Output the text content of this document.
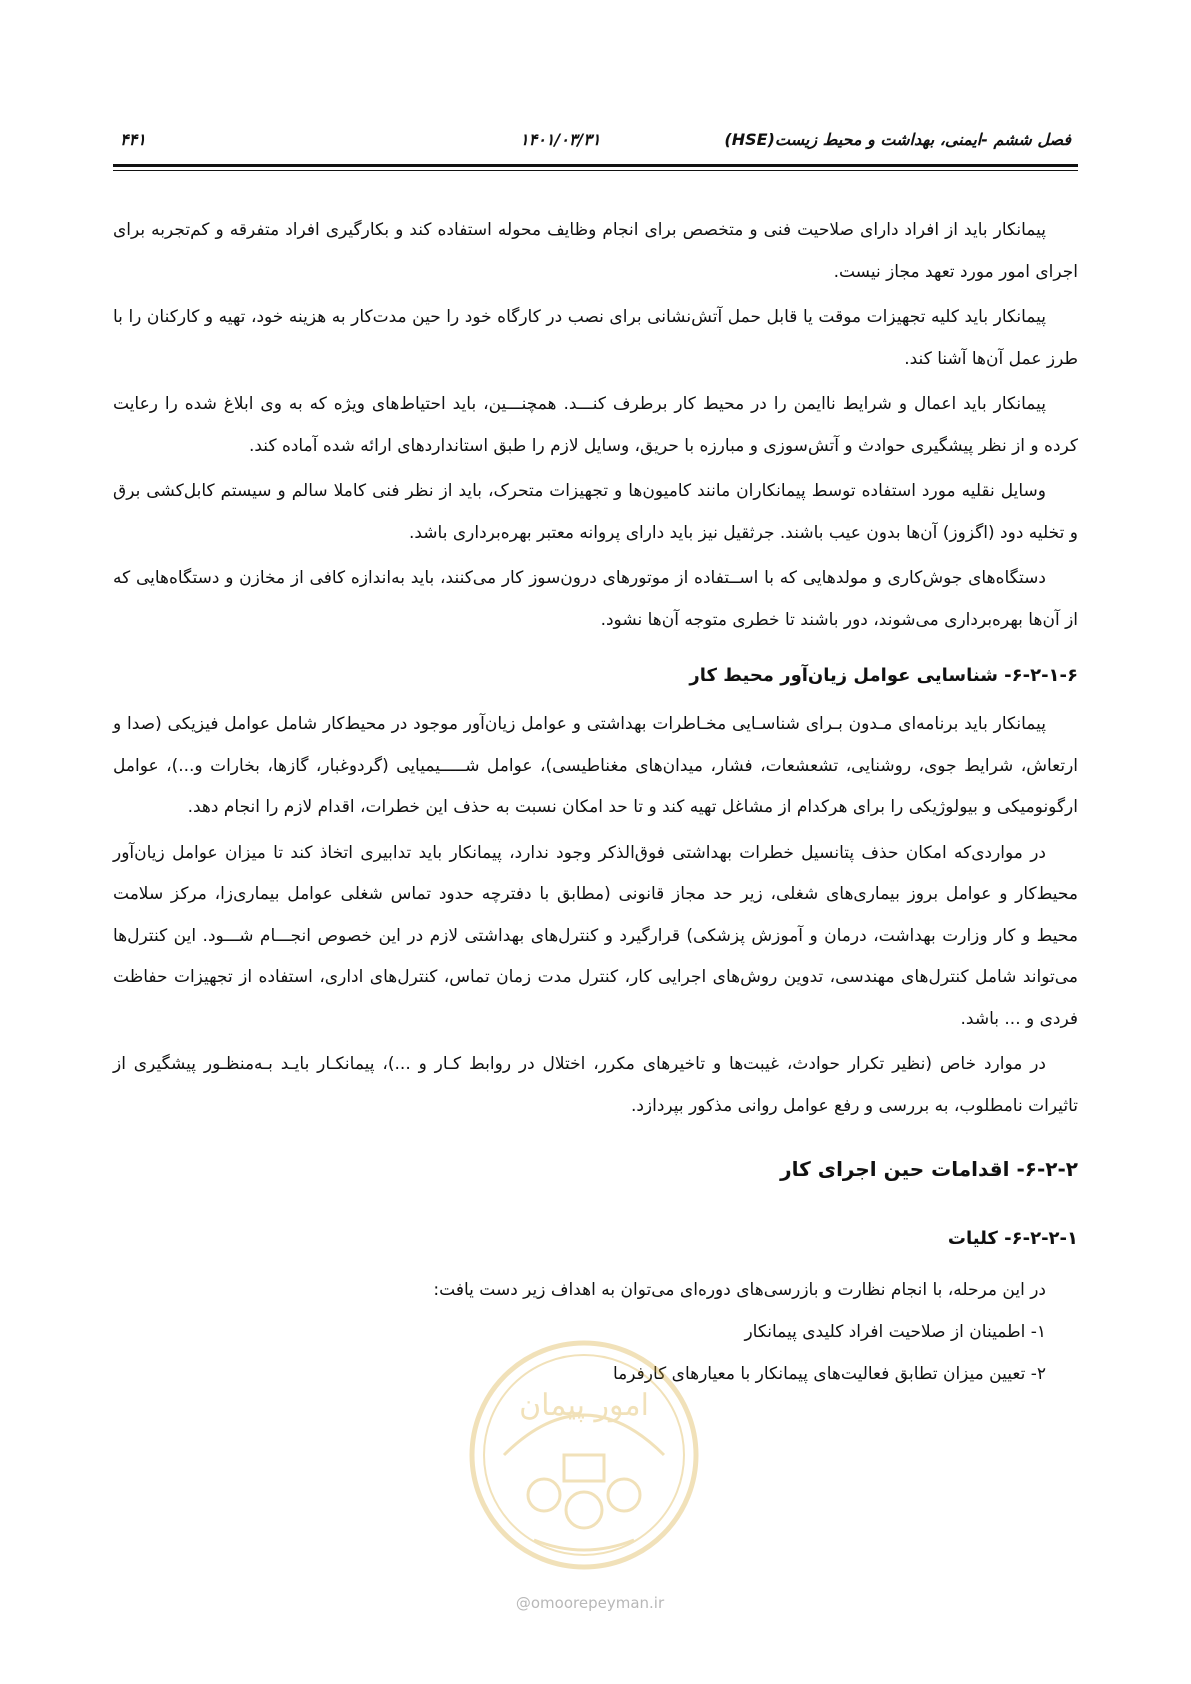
فصل ششم -ایمنی، بهداشت و محیط زیست(HSE)
۱۴۰۱/۰۳/۳۱
۴۴۱

پیمانکار باید از افراد دارای صلاحیت فنی و متخصص برای انجام وظایف محوله استفاده کند و بکارگیری افراد متفرقه و کم‌تجربه برای اجرای امور مورد تعهد مجاز نیست.

پیمانکار باید کلیه تجهیزات موقت یا قابل حمل آتش‌نشانی برای نصب در کارگاه خود را حین مدت‌کار به هزینه خود، تهیه و کارکنان را با طرز عمل آن‌ها آشنا کند.

پیمانکار باید اعمال و شرایط ناایمن را در محیط کار برطرف کنـــد. همچنـــین، باید احتیاط‌های ویژه که به وی ابلاغ شده را رعایت کرده و از نظر پیشگیری حوادث و آتش‌سوزی و مبارزه با حریق، وسایل لازم را طبق استانداردهای ارائه شده آماده کند.

وسایل نقلیه مورد استفاده توسط پیمانکاران مانند کامیون‌ها و تجهیزات متحرک، باید از نظر فنی کاملا سالم و سیستم کابل‌کشی برق و تخلیه دود (اگزوز) آن‌ها بدون عیب باشند. جرثقیل نیز باید دارای پروانه معتبر بهره‌برداری باشد.

دستگاه‌های جوش‌کاری و مولدهایی که با اســتفاده از موتورهای درون‌سوز کار می‌کنند، باید به‌اندازه کافی از مخازن و دستگاه‌هایی که از آن‌ها بهره‌برداری می‌شوند، دور باشند تا خطری متوجه آن‌ها نشود.

۶-۲-۱-۶- شناسایی عوامل زیان‌آور محیط کار

پیمانکار باید برنامه‌ای مـدون بـرای شناسـایی مخـاطرات بهداشتی و عوامل زیان‌آور موجود در محیط‌کار شامل عوامل فیزیکی (صدا و ارتعاش، شرایط جوی، روشنایی، تشعشعات، فشار، میدان‌های مغناطیسی)، عوامل شـــــیمیایی (گردوغبار، گازها، بخارات و...)، عوامل ارگونومیکی و بیولوژیکی را برای هرکدام از مشاغل تهیه کند و تا حد امکان نسبت به حذف این خطرات، اقدام لازم را انجام دهد.

در مواردی‌که امکان حذف پتانسیل خطرات بهداشتی فوق‌الذکر وجود ندارد، پیمانکار باید تدابیری اتخاذ کند تا میزان عوامل زیان‌آور محیط‌کار و عوامل بروز بیماری‌های شغلی، زیر حد مجاز قانونی (مطابق با دفترچه حدود تماس شغلی عوامل بیماری‌زا، مرکز سلامت محیط و کار وزارت بهداشت، درمان و آموزش پزشکی) قرارگیرد و کنترل‌های بهداشتی لازم در این خصوص انجـــام شـــود. این کنترل‌ها می‌تواند شامل کنترل‌های مهندسی، تدوین روش‌های اجرایی کار، کنترل مدت زمان تماس، کنترل‌های اداری، استفاده از تجهیزات حفاظت فردی و ... باشد.

در موارد خاص (نظیر تکرار حوادث، غیبت‌ها و تاخیرهای مکرر، اختلال در روابط کـار و ...)، پیمانکـار بایـد بـه‌منظـور پیشگیری از تاثیرات نامطلوب، به بررسی و رفع عوامل روانی مذکور بپردازد.

۶-۲-۲- اقدامات حین اجرای کار
۶-۲-۲-۱- کلیات
در این مرحله، با انجام نظارت و بازرسی‌های دوره‌ای می‌توان به اهداف زیر دست یافت:
۱- اطمینان از صلاحیت افراد کلیدی پیمانکار
۲- تعیین میزان تطابق فعالیت‌های پیمانکار با معیارهای کارفرما
امور پیمان
@omoorepeyman.ir
